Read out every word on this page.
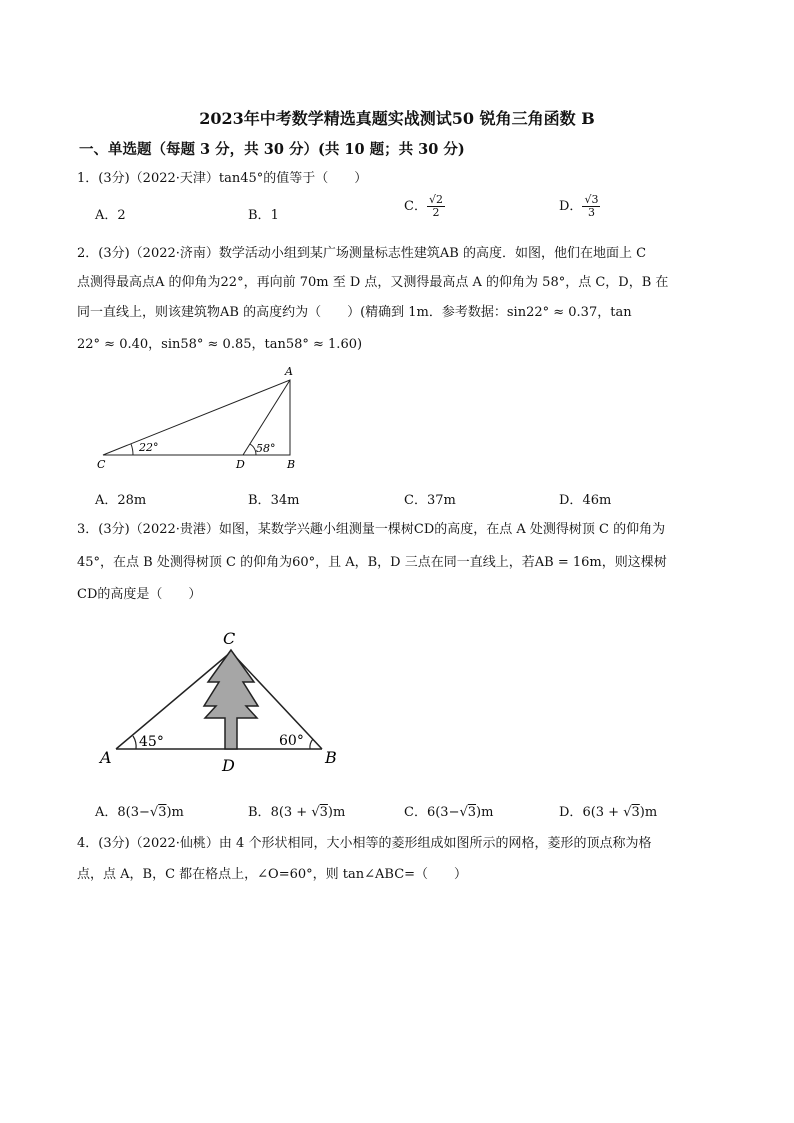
2023年中考数学精选真题实战测试50 锐角三角函数 B
一、单选题（每题 3 分，共 30 分）(共 10 题；共 30 分)
1．(3分)（2022·天津）tan45°的值等于（　　）
A．2	B．1
C． $\frac{√2}{2}$	D． $\frac{√3}{3}$
2．(3分)（2022·济南）数学活动小组到某广场测量标志性建筑AB 的高度．如图，他们在地面上 C
点测得最高点A 的仰角为22°，再向前 70m 至 D 点，又测得最高点 A 的仰角为 58°，点 C，D，B 在
同一直线上，则该建筑物AB 的高度约为（　　）(精确到 1m．参考数据：sin22° ≈ 0.37，tan
22° ≈ 0.40，sin58° ≈ 0.85，tan58° ≈ 1.60)
22°	58°
A
C	D	B
A．28m	B．34m	C．37m	D．46m
3．(3分)（2022·贵港）如图，某数学兴趣小组测量一棵树CD的高度，在点 A 处测得树顶 C 的仰角为
45°，在点 B 处测得树顶 C 的仰角为60°，且 A，B，D 三点在同一直线上，若AB = 16m，则这棵树
CD的高度是（　　）
45°	60°
C
A	D	B
A．8(3−√3)m	B．8(3 + √3)m	C．6(3−√3)m	D．6(3 + √3)m
4．(3分)（2022·仙桃）由 4 个形状相同，大小相等的菱形组成如图所示的网格，菱形的顶点称为格
点，点 A，B，C 都在格点上，∠O=60°，则 tan∠ABC=（　　）
